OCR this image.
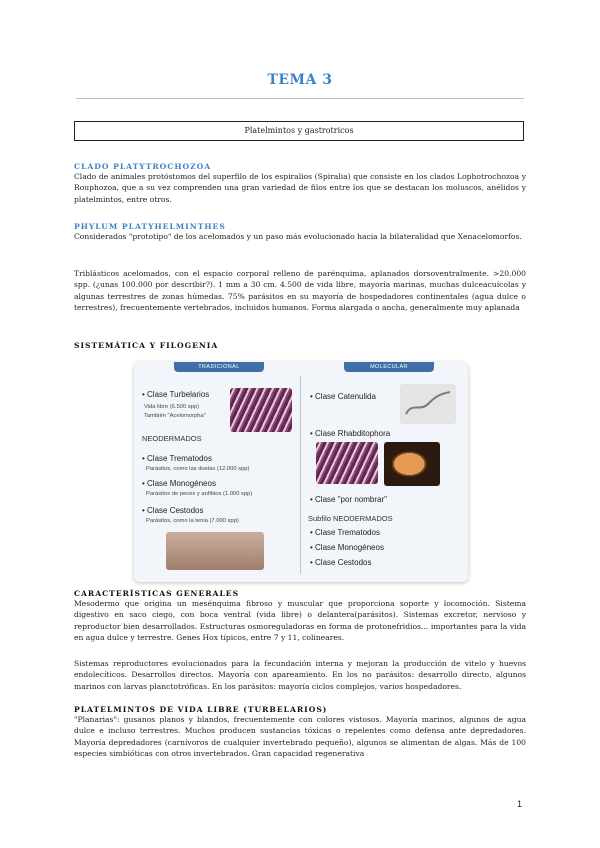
TEMA 3
Platelmintos y gastrotricos

CLADO PLATYTROCHOZOA

Clado de animales protóstomos del superfilo de los espiralios (Spiralia) que consiste en los clados Lophotrochozoa y Rouphozoa, que a su vez comprenden una gran variedad de filos entre los que se destacan los moluscos, anélidos y platelmintos, entre otros.

PHYLUM PLATYHELMINTHES

Considerados "prototipo" de los acelomados y un paso más evolucionado hacia la bilateralidad que Xenacelomorfos.

Triblásticos acelomados, con el espacio corporal relleno de parénquima, aplanados dorsoventralmente. >20.000 spp. (¿unas 100.000 por describir?). 1 mm a 30 cm. 4.500 de vida libre, mayoría marinas, muchas dulceacuícolas y algunas terrestres de zonas húmedas. 75% parásitos en su mayoría de hospedadores continentales (agua dulce o terrestres), frecuentemente vertebrados, incluidos humanos. Forma alargada o ancha, generalmente muy aplanada

SISTEMÁTICA Y FILOGENIA

TRADICIONAL	MOLECULAR
• Clase Turbelarios
Vida libre (6.500 spp)
También "Acelomorpha"
NEODERMADOS
• Clase Trematodos
Parásitos, como las duelas (12.000 spp)
• Clase Monogéneos
Parásitos de peces y anfibios (1.000 spp)
• Clase Cestodos
Parásitos, como la tenia (7.000 spp)
• Clase Catenulida
• Clase Rhabditophora
• Clase "por nombrar"
Subfilo NEODERMADOS
• Clase Trematodos
• Clase Monogéneos
• Clase Cestodos

CARACTERÍSTICAS GENERALES

Mesodermo que origina un mesénquima fibroso y muscular que proporciona soporte y locomoción. Sistema digestivo en saco ciego, con boca ventral (vida libre) o delantera(parásitos). Sistemas excretor, nervioso y reproductor bien desarrollados. Estructuras osmoreguladoras en forma de protonefridios... importantes para la vida en agua dulce y terrestre. Genes Hox típicos, entre 7 y 11, colineares.

Sistemas reproductores evolucionados para la fecundación interna y mejoran la producción de vitelo y huevos endolecíticos. Desarrollos directos. Mayoría con apareamiento. En los no parásitos: desarrollo directo, algunos marinos con larvas planctotróficas. En los parásitos: mayoría ciclos complejos, varios hospedadores.

PLATELMINTOS DE VIDA LIBRE (TURBELARIOS)

"Planarias": gusanos planos y blandos, frecuentemente con colores vistosos. Mayoría marinos, algunos de agua dulce e incluso terrestres. Muchos producen sustancias tóxicas o repelentes como defensa ante depredadores. Mayoría depredadores (carnívoros de cualquier invertebrado pequeño), algunos se alimentan de algas. Más de 100 especies simbióticas con otros invertebrados. Gran capacidad regenerativa

1
